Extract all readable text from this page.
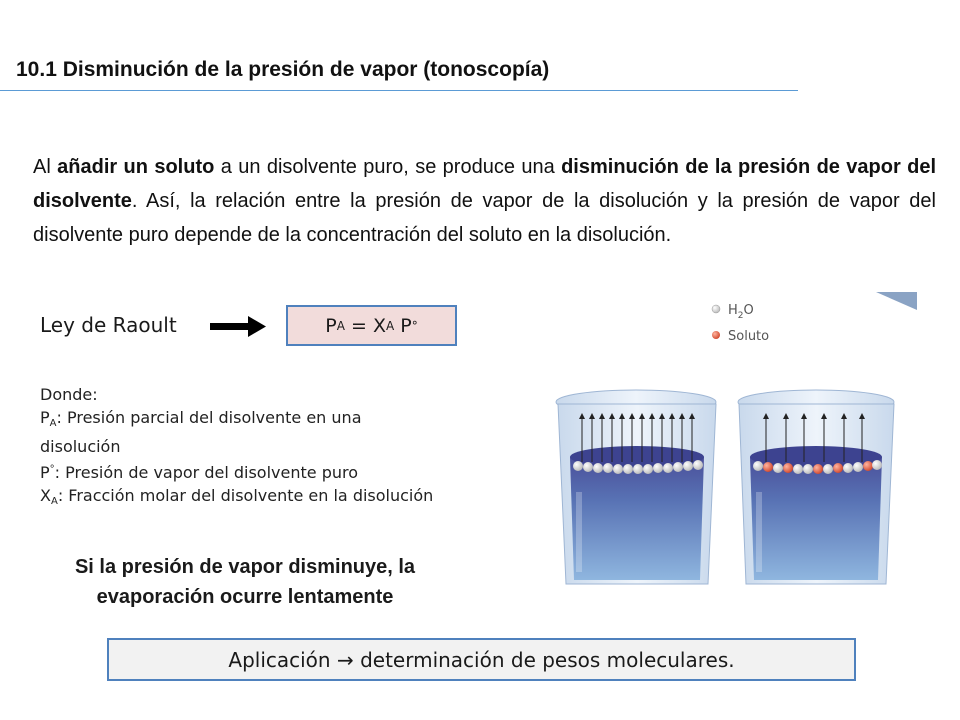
10.1 Disminución de la presión de vapor (tonoscopía)
Al añadir un soluto a un disolvente puro, se produce una disminución de la presión de vapor del disolvente. Así, la relación entre la presión de vapor de la disolución y la presión de vapor del disolvente puro depende de la concentración del soluto en la disolución.
Ley de Raoult	P A = X A P °
Donde:
$P_A$: Presión parcial del disolvente en una disolución
P°: Presión de vapor del disolvente puro
$X_A$: Fracción molar del disolvente en la disolución
Si la presión de vapor disminuye, la evaporación ocurre lentamente
Aplicación → determinación de pesos moleculares.
$H_2O$
Soluto
